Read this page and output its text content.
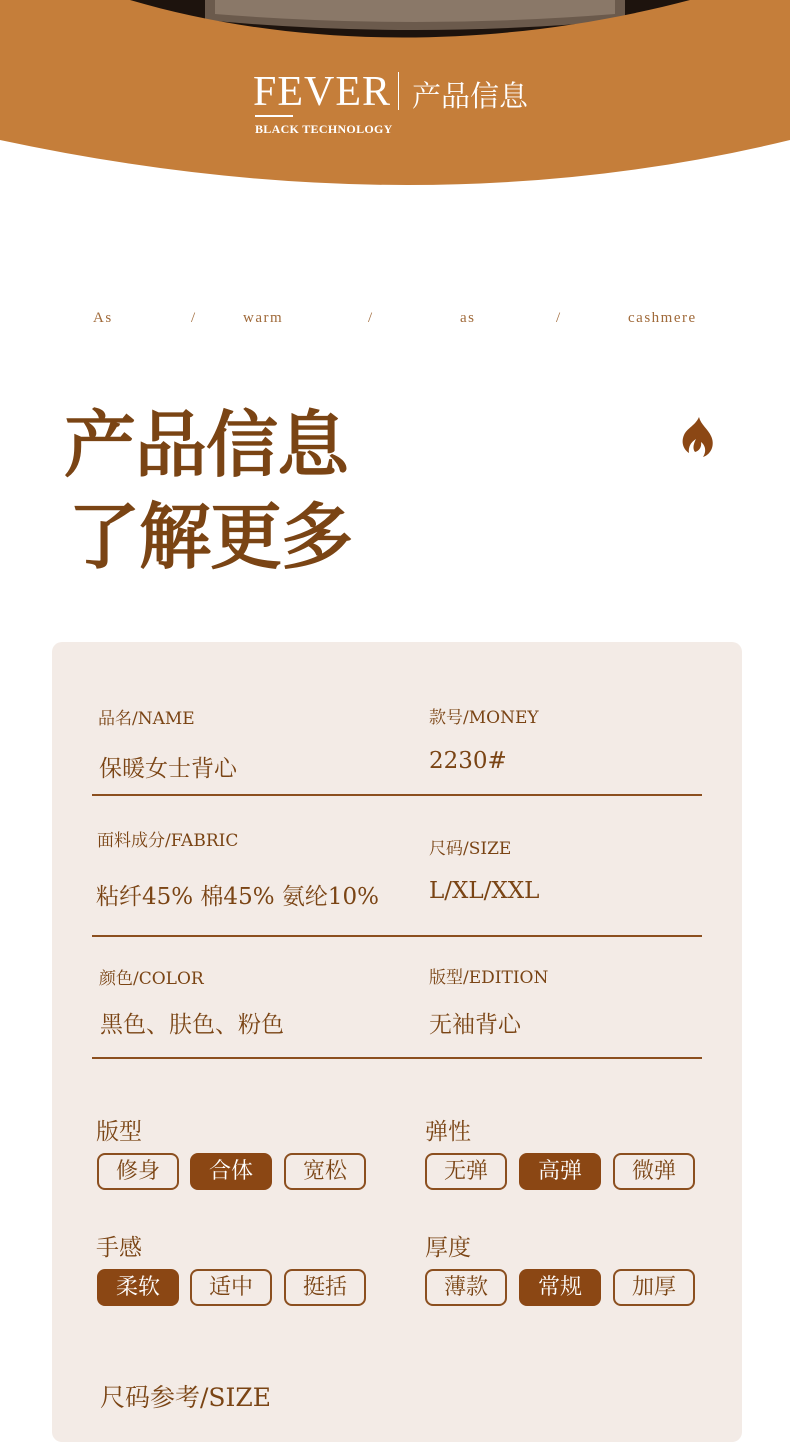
FEVER
BLACK TECHNOLOGY
产品信息
As	/	warm	/	as	/	cashmere
产品信息
了解更多
品名/NAME
保暖女士背心
款号/MONEY
2230#
面料成分/FABRIC
粘纤45% 棉45% 氨纶10%
尺码/SIZE
L/XL/XXL
颜色/COLOR
黑色、肤色、粉色
版型/EDITION
无袖背心
版型
修身	合体	宽松
弹性
无弹	高弹	微弹
手感
柔软	适中	挺括
厚度
薄款	常规	加厚
尺码参考/SIZE
